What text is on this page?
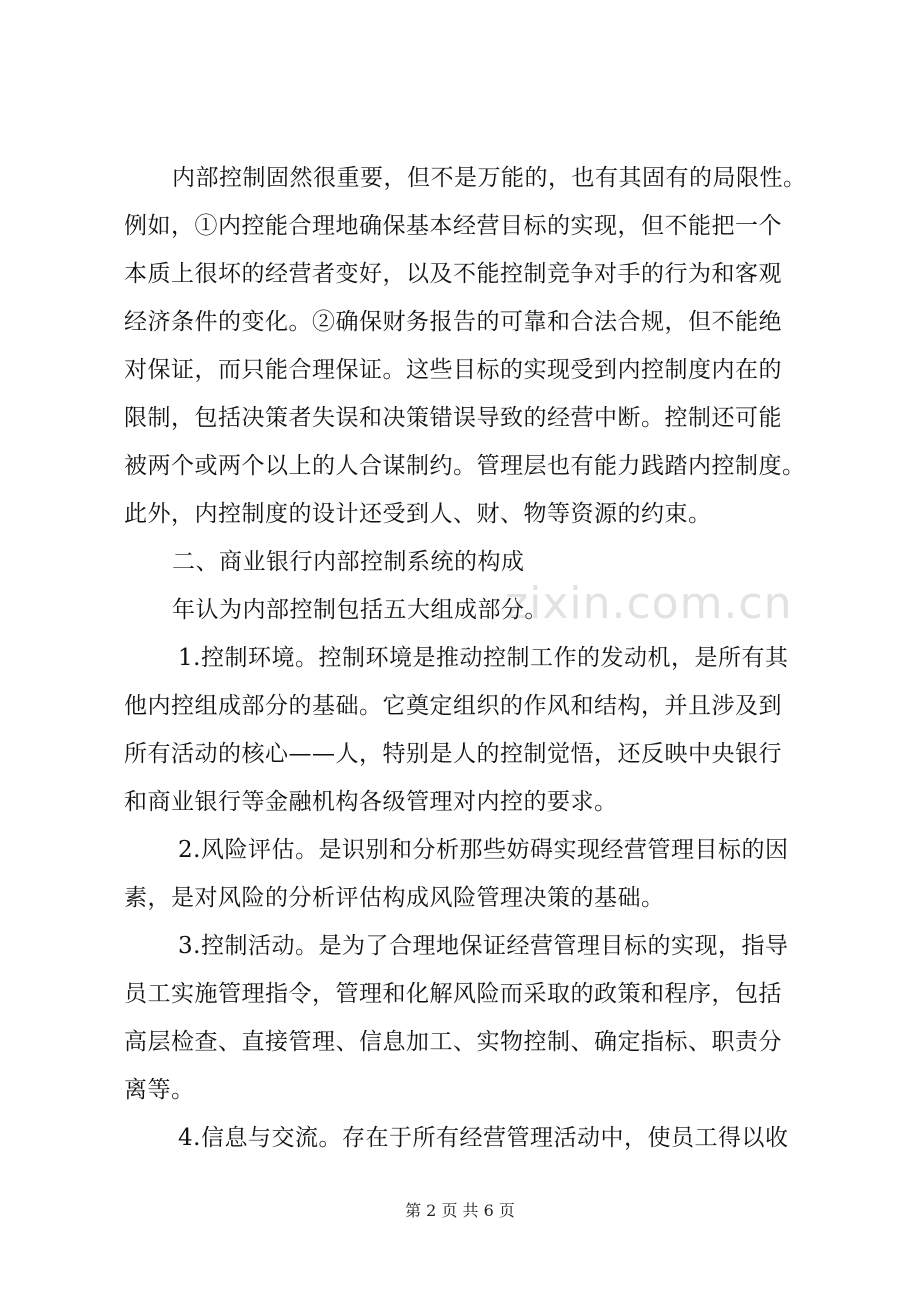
zixin.com.cn
内部控制固然很重要，但不是万能的，也有其固有的局限性。
例如，①内控能合理地确保基本经营目标的实现，但不能把一个
本质上很坏的经营者变好，以及不能控制竞争对手的行为和客观
经济条件的变化。②确保财务报告的可靠和合法合规，但不能绝
对保证，而只能合理保证。这些目标的实现受到内控制度内在的
限制，包括决策者失误和决策错误导致的经营中断。控制还可能
被两个或两个以上的人合谋制约。管理层也有能力践踏内控制度。
此外，内控制度的设计还受到人、财、物等资源的约束。
二、商业银行内部控制系统的构成
年认为内部控制包括五大组成部分。
1.控制环境。控制环境是推动控制工作的发动机，是所有其
他内控组成部分的基础。它奠定组织的作风和结构，并且涉及到
所有活动的核心——人，特别是人的控制觉悟，还反映中央银行
和商业银行等金融机构各级管理对内控的要求。
2.风险评估。是识别和分析那些妨碍实现经营管理目标的因
素，是对风险的分析评估构成风险管理决策的基础。
3.控制活动。是为了合理地保证经营管理目标的实现，指导
员工实施管理指令，管理和化解风险而采取的政策和程序，包括
高层检查、直接管理、信息加工、实物控制、确定指标、职责分
离等。
4.信息与交流。存在于所有经营管理活动中，使员工得以收
第 2 页 共 6 页
